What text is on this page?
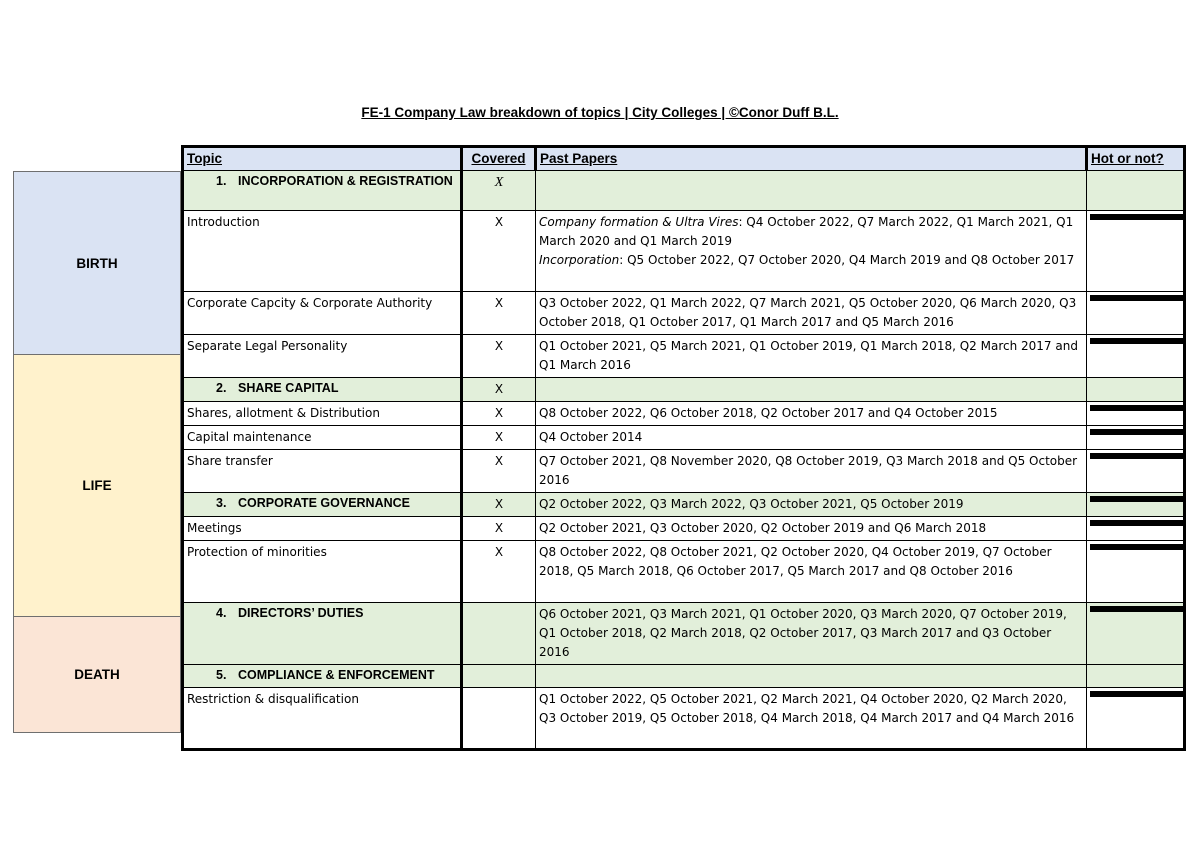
FE-1 Company Law breakdown of topics | City Colleges | ©Conor Duff B.L.
BIRTH
LIFE
DEATH
Topic	Covered	Past Papers	Hot or not?

1. INCORPORATION & REGISTRATION	X		
Introduction	X	Company formation & Ultra Vires: Q4 October 2022, Q7 March 2022, Q1 March 2021, Q1 March 2020 and Q1 March 2019
Incorporation: Q5 October 2022, Q7 October 2020, Q4 March 2019 and Q8 October 2017	

Corporate Capcity & Corporate Authority	X	Q3 October 2022, Q1 March 2022, Q7 March 2021, Q5 October 2020, Q6 March 2020, Q3 October 2018, Q1 October 2017, Q1 March 2017 and Q5 March 2016	

Separate Legal Personality	X	Q1 October 2021, Q5 March 2021, Q1 October 2019, Q1 March 2018, Q2 March 2017 and Q1 March 2016	

2. SHARE CAPITAL	X		
Shares, allotment & Distribution	X	Q8 October 2022, Q6 October 2018, Q2 October 2017 and Q4 October 2015	

Capital maintenance	X	Q4 October 2014	

Share transfer	X	Q7 October 2021, Q8 November 2020, Q8 October 2019, Q3 March 2018 and Q5 October 2016	

3. CORPORATE GOVERNANCE	X	Q2 October 2022, Q3 March 2022, Q3 October 2021, Q5 October 2019	

Meetings	X	Q2 October 2021, Q3 October 2020, Q2 October 2019 and Q6 March 2018	

Protection of minorities	X	Q8 October 2022, Q8 October 2021, Q2 October 2020, Q4 October 2019, Q7 October 2018, Q5 March 2018, Q6 October 2017, Q5 March 2017 and Q8 October 2016	

4. DIRECTORS’ DUTIES		Q6 October 2021, Q3 March 2021, Q1 October 2020, Q3 March 2020, Q7 October 2019, Q1 October 2018, Q2 March 2018, Q2 October 2017, Q3 March 2017 and Q3 October 2016	

5. COMPLIANCE & ENFORCEMENT			

Restriction & disqualification		Q1 October 2022, Q5 October 2021, Q2 March 2021, Q4 October 2020, Q2 March 2020, Q3 October 2019, Q5 October 2018, Q4 March 2018, Q4 March 2017 and Q4 March 2016	
